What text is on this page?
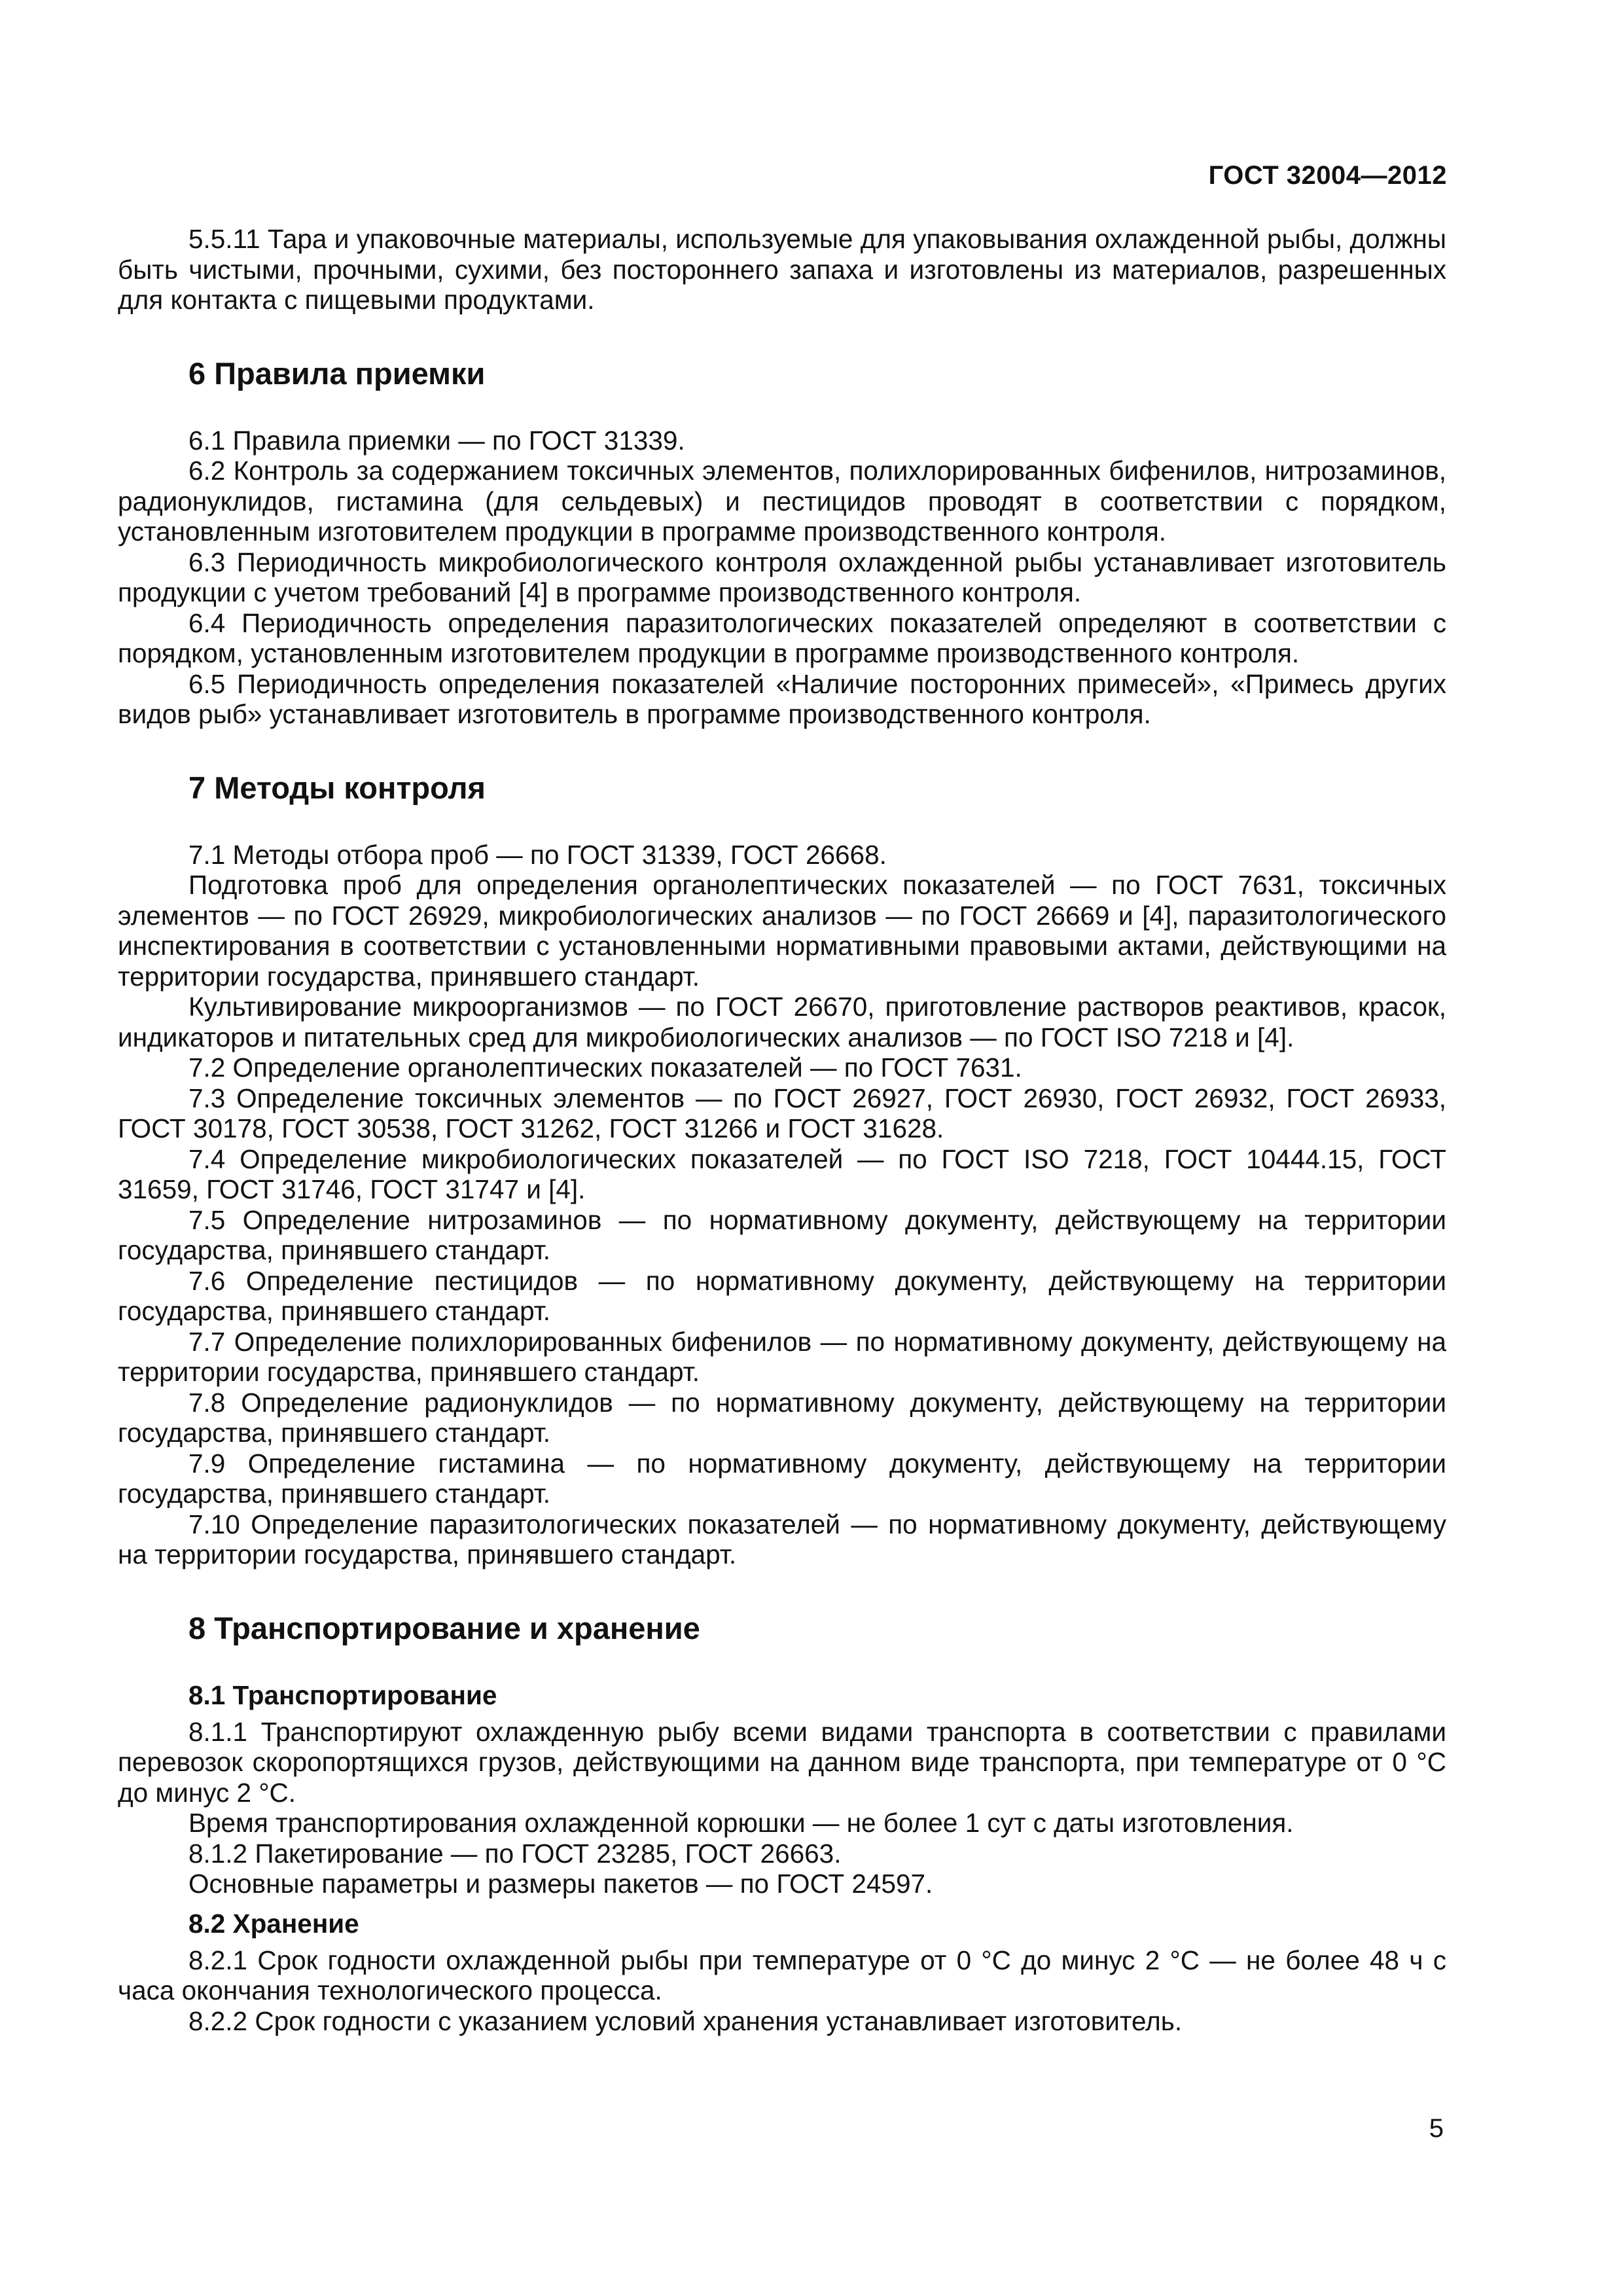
ГОСТ 32004—2012

5.5.11 Тара и упаковочные материалы, используемые для упаковывания охлажденной рыбы, должны быть чистыми, прочными, сухими, без постороннего запаха и изготовлены из материалов, разрешенных для контакта с пищевыми продуктами.

6 Правила приемки

6.1 Правила приемки — по ГОСТ 31339.

6.2 Контроль за содержанием токсичных элементов, полихлорированных бифенилов, нитрозаминов, радионуклидов, гистамина (для сельдевых) и пестицидов проводят в соответствии с порядком, установленным изготовителем продукции в программе производственного контроля.

6.3 Периодичность микробиологического контроля охлажденной рыбы устанавливает изготовитель продукции с учетом требований [4] в программе производственного контроля.

6.4 Периодичность определения паразитологических показателей определяют в соответствии с порядком, установленным изготовителем продукции в программе производственного контроля.

6.5 Периодичность определения показателей «Наличие посторонних примесей», «Примесь других видов рыб» устанавливает изготовитель в программе производственного контроля.

7 Методы контроля

7.1 Методы отбора проб — по ГОСТ 31339, ГОСТ 26668.

Подготовка проб для определения органолептических показателей — по ГОСТ 7631, токсичных элементов — по ГОСТ 26929, микробиологических анализов — по ГОСТ 26669 и [4], паразитологического инспектирования в соответствии с установленными нормативными правовыми актами, действующими на территории государства, принявшего стандарт.

Культивирование микроорганизмов — по ГОСТ 26670, приготовление растворов реактивов, красок, индикаторов и питательных сред для микробиологических анализов — по ГОСТ ISO 7218 и [4].

7.2 Определение органолептических показателей — по ГОСТ 7631.

7.3 Определение токсичных элементов — по ГОСТ 26927, ГОСТ 26930, ГОСТ 26932, ГОСТ 26933, ГОСТ 30178, ГОСТ 30538, ГОСТ 31262, ГОСТ 31266 и ГОСТ 31628.

7.4 Определение микробиологических показателей — по ГОСТ ISO 7218, ГОСТ 10444.15, ГОСТ 31659, ГОСТ 31746, ГОСТ 31747 и [4].

7.5 Определение нитрозаминов — по нормативному документу, действующему на территории государства, принявшего стандарт.

7.6 Определение пестицидов — по нормативному документу, действующему на территории государства, принявшего стандарт.

7.7 Определение полихлорированных бифенилов — по нормативному документу, действующему на территории государства, принявшего стандарт.

7.8 Определение радионуклидов — по нормативному документу, действующему на территории государства, принявшего стандарт.

7.9 Определение гистамина — по нормативному документу, действующему на территории государства, принявшего стандарт.

7.10 Определение паразитологических показателей — по нормативному документу, действующему на территории государства, принявшего стандарт.

8 Транспортирование и хранение
8.1 Транспортирование

8.1.1 Транспортируют охлажденную рыбу всеми видами транспорта в соответствии с правилами перевозок скоропортящихся грузов, действующими на данном виде транспорта, при температуре от 0 °С до минус 2 °С.

Время транспортирования охлажденной корюшки — не более 1 сут с даты изготовления.

8.1.2 Пакетирование — по ГОСТ 23285, ГОСТ 26663.

Основные параметры и размеры пакетов — по ГОСТ 24597.

8.2 Хранение

8.2.1 Срок годности охлажденной рыбы при температуре от 0 °С до минус 2 °С — не более 48 ч с часа окончания технологического процесса.

8.2.2 Срок годности с указанием условий хранения устанавливает изготовитель.

5
